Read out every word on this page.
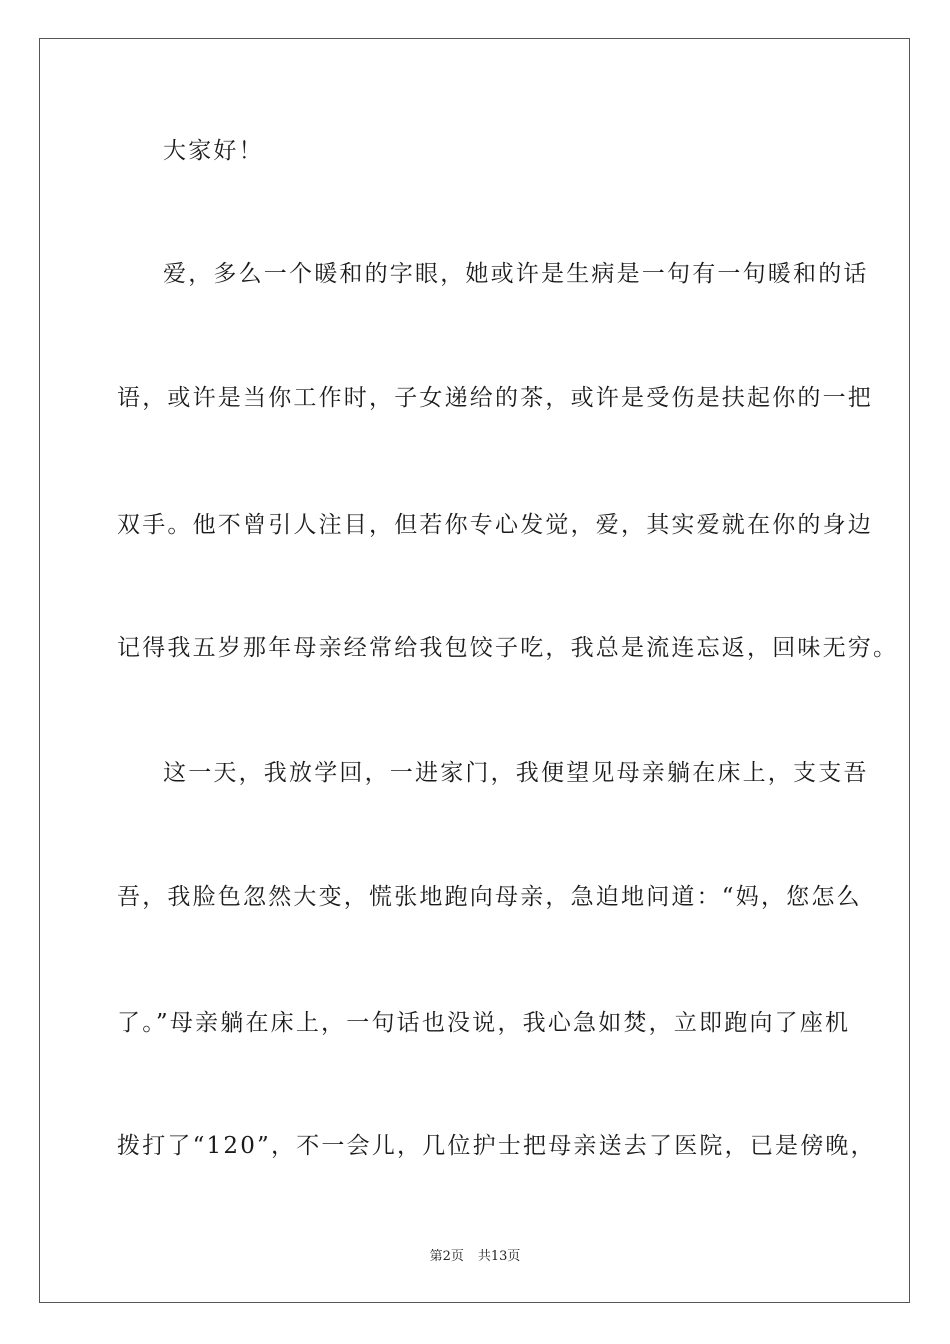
大家好！
爱，多么一个暖和的字眼，她或许是生病是一句有一句暖和的话
语，或许是当你工作时，子女递给的茶，或许是受伤是扶起你的一把
双手。他不曾引人注目，但若你专心发觉，爱，其实爱就在你的身边
记得我五岁那年母亲经常给我包饺子吃，我总是流连忘返，回味无穷。
这一天，我放学回，一进家门，我便望见母亲躺在床上，支支吾
吾，我脸色忽然大变，慌张地跑向母亲，急迫地问道：“妈，您怎么
了。”母亲躺在床上，一句话也没说，我心急如焚，立即跑向了座机
拨打了“120”，不一会儿，几位护士把母亲送去了医院，已是傍晚，
第2页 共13页
